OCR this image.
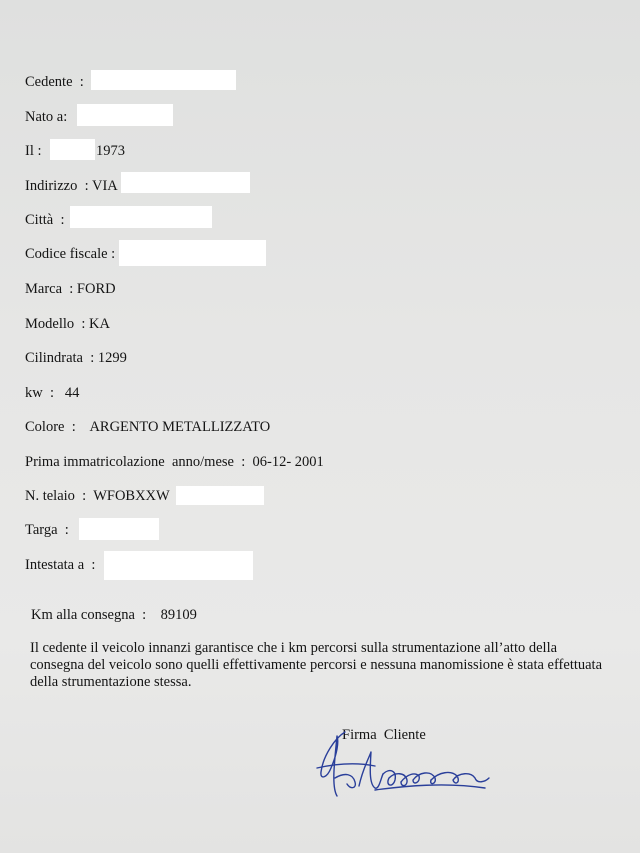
Cedente  :
Nato a:
Il :	1973
Indirizzo  : VIA
Città  :
Codice fiscale :
Marca  : FORD
Modello  : KA
Cilindrata  : 1299
kw  :   44
Colore  :    ARGENTO METALLIZZATO
Prima immatricolazione  anno/mese  :  06-12- 2001
N. telaio  :  WFOBXXW
Targa  :
Intestata a  :
Km alla consegna  :    89109
Il cedente il veicolo innanzi garantisce che i km percorsi sulla strumentazione all’atto della
consegna del veicolo sono quelli effettivamente percorsi e nessuna manomissione è stata effettuata
della strumentazione stessa.
Firma  Cliente
